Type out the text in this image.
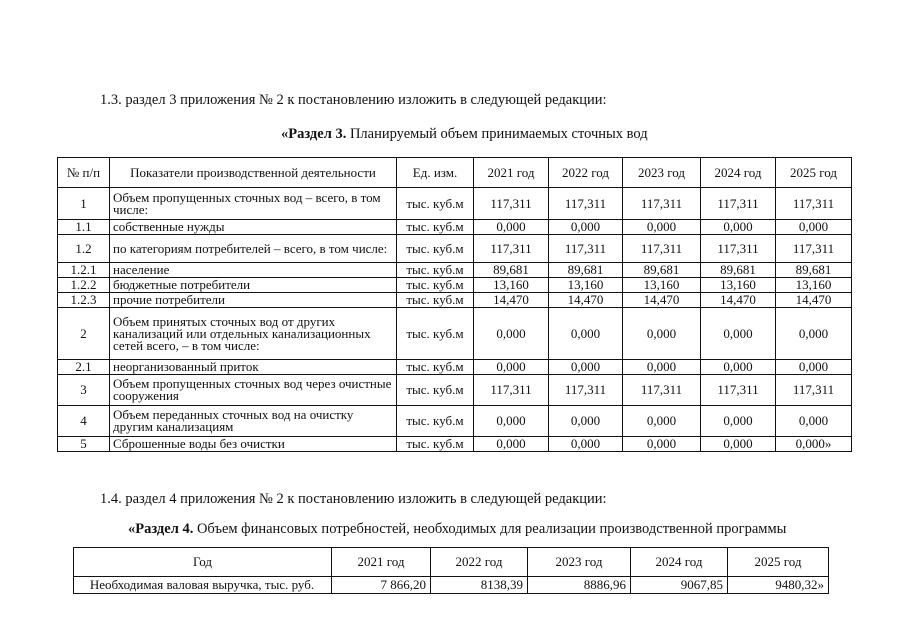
1.3. раздел 3 приложения № 2 к постановлению изложить в следующей редакции:
«Раздел 3. Планируемый объем принимаемых сточных вод
№ п/п	Показатели производственной деятельности	Ед. изм.	2021 год	2022 год	2023 год	2024 год	2025 год
1	Объем пропущенных сточных вод – всего, в том числе:	тыс. куб.м	117,311	117,311	117,311	117,311	117,311
1.1	собственные нужды	тыс. куб.м	0,000	0,000	0,000	0,000	0,000
1.2	по категориям потребителей – всего, в том числе:	тыс. куб.м	117,311	117,311	117,311	117,311	117,311
1.2.1	население	тыс. куб.м	89,681	89,681	89,681	89,681	89,681
1.2.2	бюджетные потребители	тыс. куб.м	13,160	13,160	13,160	13,160	13,160
1.2.3	прочие потребители	тыс. куб.м	14,470	14,470	14,470	14,470	14,470
2	Объем принятых сточных вод от других канализаций или отдельных канализационных сетей всего, – в том числе:	тыс. куб.м	0,000	0,000	0,000	0,000	0,000
2.1	неорганизованный приток	тыс. куб.м	0,000	0,000	0,000	0,000	0,000
3	Объем пропущенных сточных вод через очистные сооружения	тыс. куб.м	117,311	117,311	117,311	117,311	117,311
4	Объем переданных сточных вод на очистку другим канализациям	тыс. куб.м	0,000	0,000	0,000	0,000	0,000
5	Сброшенные воды без очистки	тыс. куб.м	0,000	0,000	0,000	0,000	0,000»
1.4. раздел 4 приложения № 2 к постановлению изложить в следующей редакции:
«Раздел 4. Объем финансовых потребностей, необходимых для реализации производственной программы
Год	2021 год	2022 год	2023 год	2024 год	2025 год
Необходимая валовая выручка, тыс. руб.	7 866,20	8138,39	8886,96	9067,85	9480,32»
